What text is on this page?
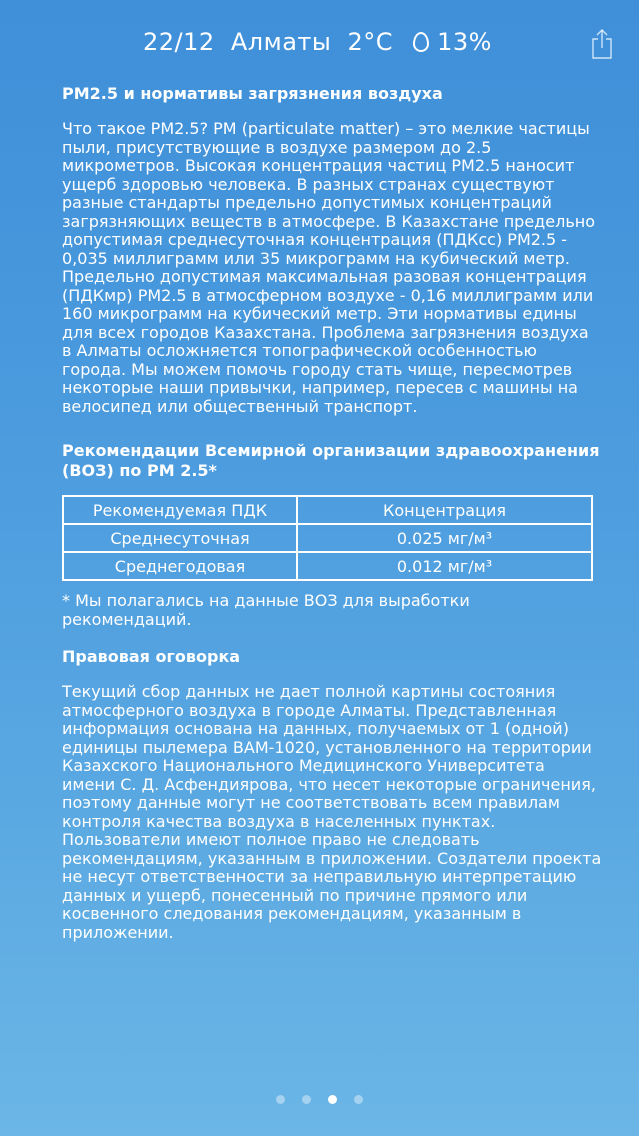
22/12 Алматы 2°C 13%
PM2.5 и нормативы загрязнения воздуха

Что такое PM2.5? PM (particulate matter) – это мелкие частицы пыли, присутствующие в воздухе размером до 2.5 микрометров. Высокая концентрация частиц PM2.5 наносит ущерб здоровью человека. В разных странах существуют разные стандарты предельно допустимых концентраций загрязняющих веществ в атмосфере. В Казахстане предельно допустимая среднесуточная концентрация (ПДКсс) PM2.5 - 0,035 миллиграмм или 35 микрограмм на кубический метр. Предельно допустимая максимальная разовая концентрация (ПДКмр) PM2.5 в атмосферном воздухе - 0,16 миллиграмм или 160 микрограмм на кубический метр. Эти нормативы едины для всех городов Казахстана. Проблема загрязнения воздуха в Алматы осложняется топографической особенностью города. Мы можем помочь городу стать чище, пересмотрев некоторые наши привычки, например, пересев с машины на велосипед или общественный транспорт.

Рекомендации Всемирной организации здравоохранения (ВОЗ) по PM 2.5*
Рекомендуемая ПДК	Концентрация
Среднесуточная	0.025 мг/м³
Среднегодовая	0.012 мг/м³

* Мы полагались на данные ВОЗ для выработки рекомендаций.

Правовая оговорка

Текущий сбор данных не дает полной картины состояния атмосферного воздуха в городе Алматы. Представленная информация основана на данных, получаемых от 1 (одной) единицы пылемера BAM-1020, установленного на территории Казахского Национального Медицинского Университета имени С. Д. Асфендиярова, что несет некоторые ограничения, поэтому данные могут не соответствовать всем правилам контроля качества воздуха в населенных пунктах. Пользователи имеют полное право не следовать рекомендациям, указанным в приложении. Создатели проекта не несут ответственности за неправильную интерпретацию данных и ущерб, понесенный по причине прямого или косвенного следования рекомендациям, указанным в приложении.
